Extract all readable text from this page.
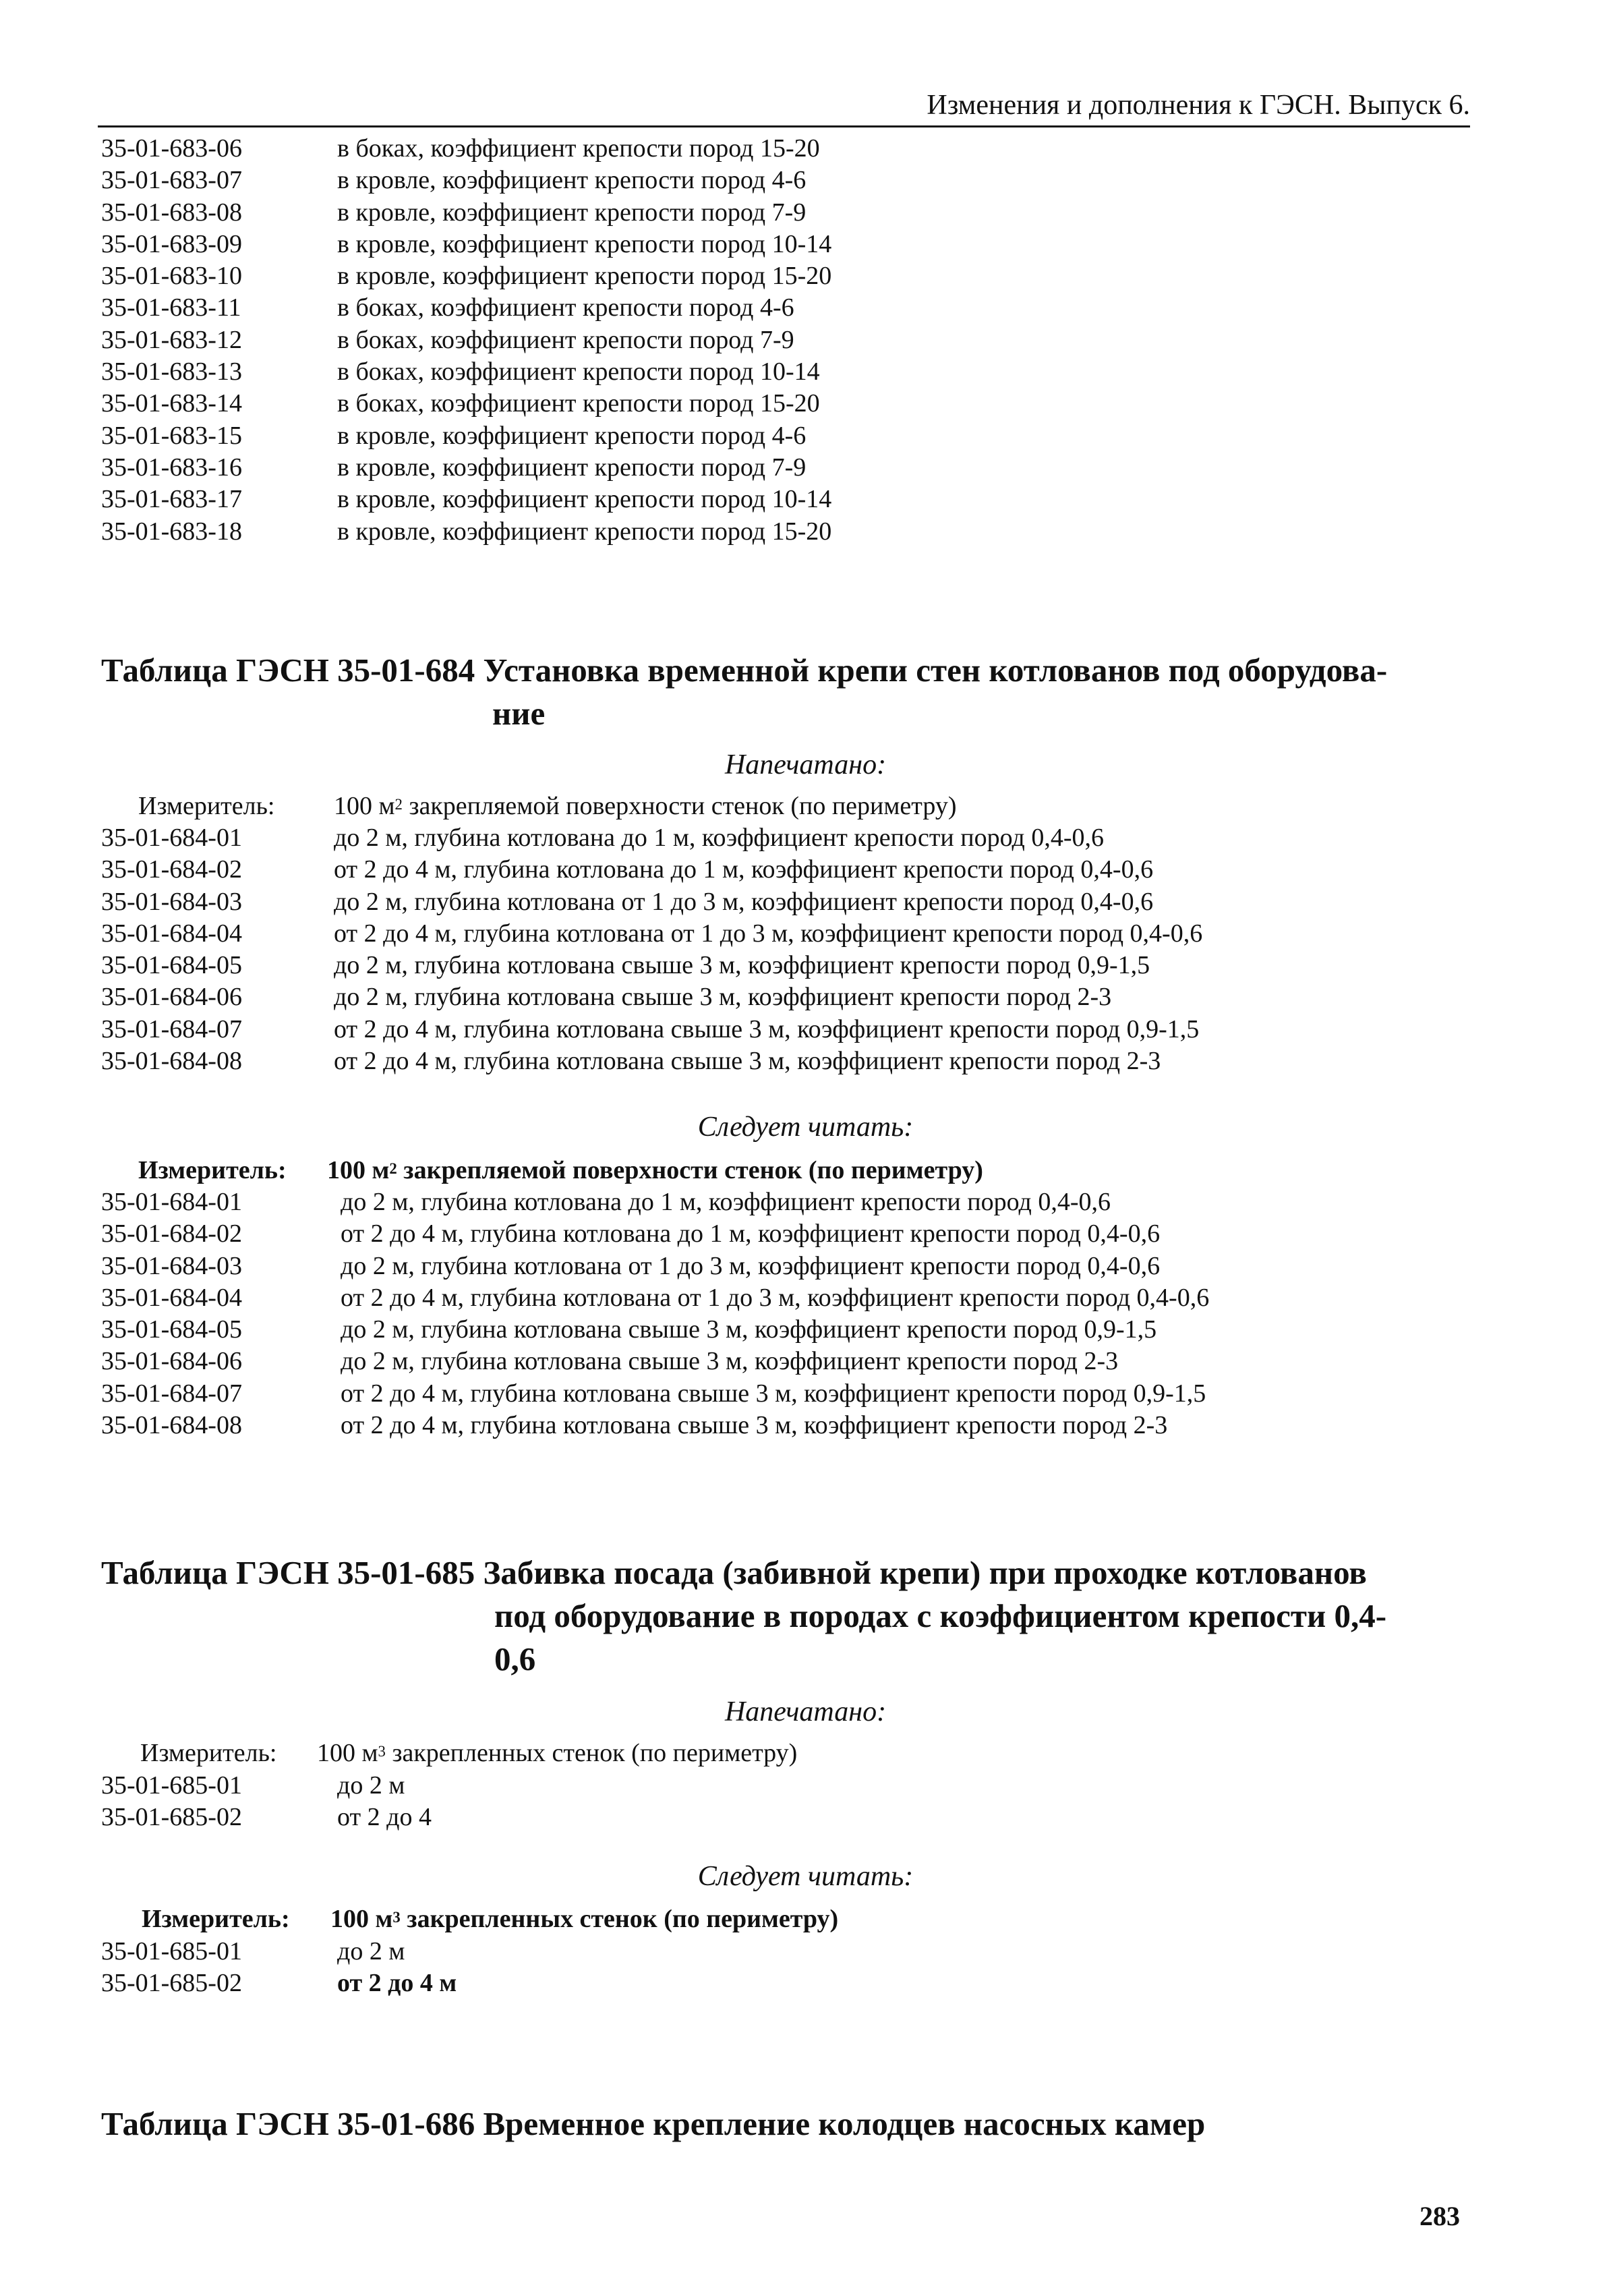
Изменения и дополнения к ГЭСН. Выпуск 6.
35-01-683-06	в боках, коэффициент крепости пород 15-20
35-01-683-07	в кровле, коэффициент крепости пород 4-6
35-01-683-08	в кровле, коэффициент крепости пород 7-9
35-01-683-09	в кровле, коэффициент крепости пород 10-14
35-01-683-10	в кровле, коэффициент крепости пород 15-20
35-01-683-11	в боках, коэффициент крепости пород 4-6
35-01-683-12	в боках, коэффициент крепости пород 7-9
35-01-683-13	в боках, коэффициент крепости пород 10-14
35-01-683-14	в боках, коэффициент крепости пород 15-20
35-01-683-15	в кровле, коэффициент крепости пород 4-6
35-01-683-16	в кровле, коэффициент крепости пород 7-9
35-01-683-17	в кровле, коэффициент крепости пород 10-14
35-01-683-18	в кровле, коэффициент крепости пород 15-20
Таблица ГЭСН 35-01-684 Установка временной крепи стен котлованов под оборудова-
ние
Напечатано:
Измеритель:	100 $м^2$ закрепляемой поверхности стенок (по периметру)
35-01-684-01	до 2 м, глубина котлована до 1 м, коэффициент крепости пород 0,4-0,6
35-01-684-02	от 2 до 4 м, глубина котлована до 1 м, коэффициент крепости пород 0,4-0,6
35-01-684-03	до 2 м, глубина котлована от 1 до 3 м, коэффициент крепости пород 0,4-0,6
35-01-684-04	от 2 до 4 м, глубина котлована от 1 до 3 м, коэффициент крепости пород 0,4-0,6
35-01-684-05	до 2 м, глубина котлована свыше 3 м, коэффициент крепости пород 0,9-1,5
35-01-684-06	до 2 м, глубина котлована свыше 3 м, коэффициент крепости пород 2-3
35-01-684-07	от 2 до 4 м, глубина котлована свыше 3 м, коэффициент крепости пород 0,9-1,5
35-01-684-08	от 2 до 4 м, глубина котлована свыше 3 м, коэффициент крепости пород 2-3
Следует читать:
Измеритель:	100 $м^2$ закрепляемой поверхности стенок (по периметру)
35-01-684-01	до 2 м, глубина котлована до 1 м, коэффициент крепости пород 0,4-0,6
35-01-684-02	от 2 до 4 м, глубина котлована до 1 м, коэффициент крепости пород 0,4-0,6
35-01-684-03	до 2 м, глубина котлована от 1 до 3 м, коэффициент крепости пород 0,4-0,6
35-01-684-04	от 2 до 4 м, глубина котлована от 1 до 3 м, коэффициент крепости пород 0,4-0,6
35-01-684-05	до 2 м, глубина котлована свыше 3 м, коэффициент крепости пород 0,9-1,5
35-01-684-06	до 2 м, глубина котлована свыше 3 м, коэффициент крепости пород 2-3
35-01-684-07	от 2 до 4 м, глубина котлована свыше 3 м, коэффициент крепости пород 0,9-1,5
35-01-684-08	от 2 до 4 м, глубина котлована свыше 3 м, коэффициент крепости пород 2-3
Таблица ГЭСН 35-01-685 Забивка посада (забивной крепи) при проходке котлованов
под оборудование в породах с коэффициентом крепости 0,4-
0,6
Напечатано:
Измеритель:	100 $м^3$ закрепленных стенок (по периметру)
35-01-685-01	до 2 м
35-01-685-02	от 2 до 4
Следует читать:
Измеритель:	100 $м^3$ закрепленных стенок (по периметру)
35-01-685-01	до 2 м
35-01-685-02	от 2 до 4 м
Таблица ГЭСН 35-01-686 Временное крепление колодцев насосных камер
283
